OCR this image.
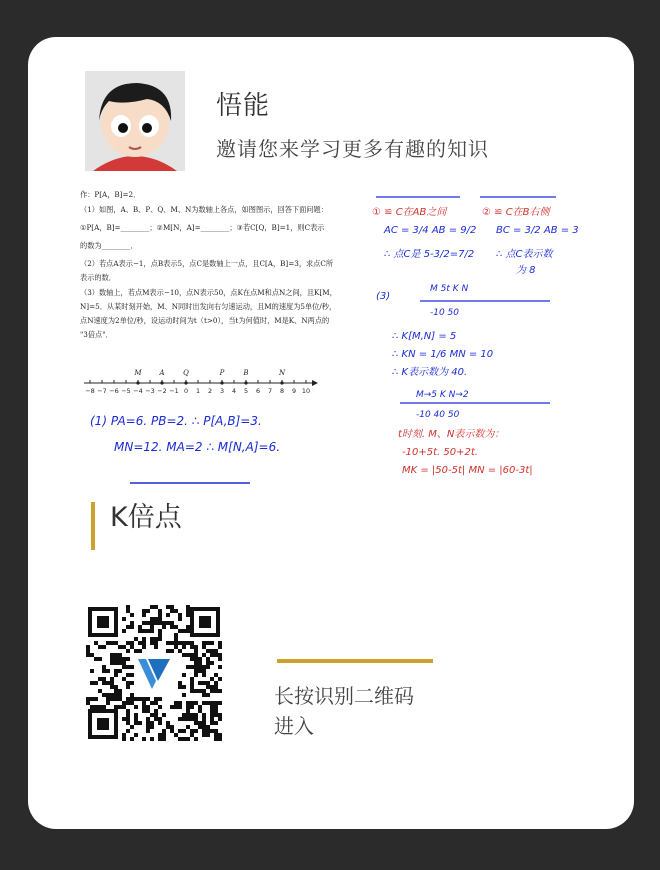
悟能
邀请您来学习更多有趣的知识
作：P[A，B]=2．
（1）如图，A、B、P、Q、M、N为数轴上各点，如图图示，回答下面问题：
①P[A，B]=________；②M[N，A]=________；③若C[Q，B]=1，则C表示
的数为________．
（2）若点A表示−1，点B表示5，点C是数轴上一点，且C[A，B]=3，求点C所
表示的数．
（3）数轴上，若点M表示−10，点N表示50，点K在点M和点N之间，且K[M，
N]=5．从某时刻开始，M、N同时出发向右匀速运动，且M的速度为5单位/秒，
点N速度为2单位/秒，设运动时间为t（t>0），当t为何值时，M是K、N两点的
"3倍点"．
−8 −7 −6 −5 −4 −3 −2 −1 0 1 2 3 4 5 6 7 8 9 10
M	A	Q	P	B	N
(1) PA=6. PB=2. ∴ P[A,B]=3.
MN=12. MA=2 ∴ M[N,A]=6.
① ≌ C在AB之间	② ≌ C在B右侧
AC = 3/4 AB = 9/2 BC = 3/2 AB = 3
∴ 点C是 5-3/2=7/2 ∴ 点C表示数
为 8
(3)
M 5t K N
-10 50
∴ K[M,N] = 5
∴ KN = 1/6 MN = 10
∴ K表示数为 40.
M→5 K N→2
-10 40 50
t时刻. M、N表示数为：
-10+5t. 50+2t.
MK = |50-5t| MN = |60-3t|
K倍点
长按识别二维码
进入
